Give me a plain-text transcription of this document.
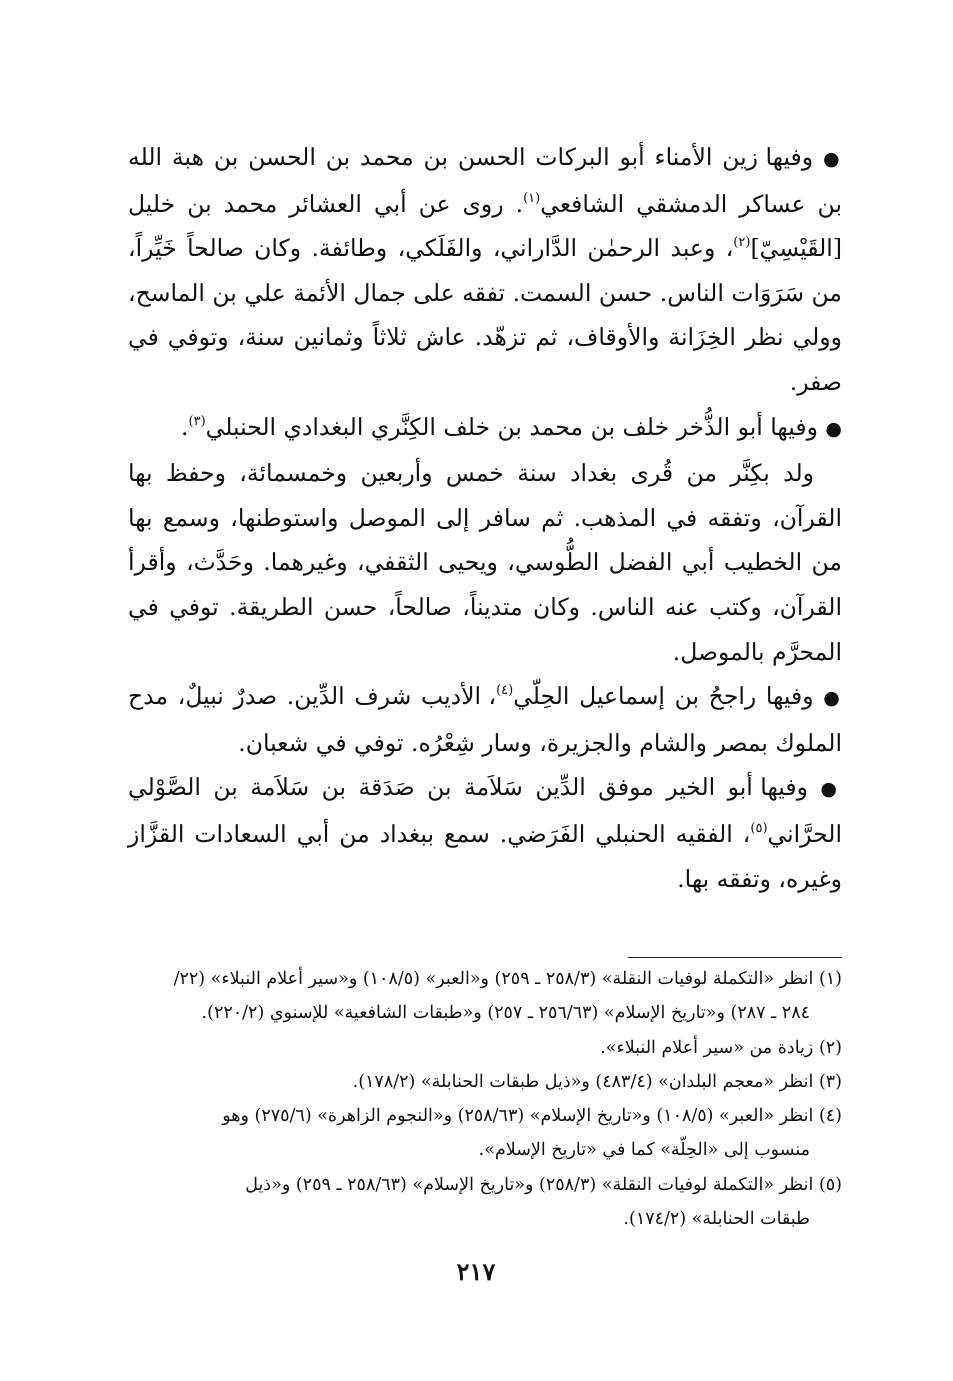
● وفيها زين الأمناء أبو البركات الحسن بن محمد بن الحسن بن هبة الله بن عساكر الدمشقي الشافعي$^{(١)}$. روى عن أبي العشائر محمد بن خليل [القَيْسِيّ]$^{(٢)}$، وعبد الرحمٰن الدَّاراني، والفَلَكي، وطائفة. وكان صالحاً خَيِّراً، من سَرَوَات الناس. حسن السمت. تفقه على جمال الأئمة علي بن الماسح، وولي نظر الخِزَانة والأوقاف، ثم تزهّد. عاش ثلاثاً وثمانين سنة، وتوفي في صفر.

● وفيها أبو الذُّخر خلف بن محمد بن خلف الكِنَّري البغدادي الحنبلي$^{(٣)}$.

ولد بكِنَّر من قُرى بغداد سنة خمس وأربعين وخمسمائة، وحفظ بها القرآن، وتفقه في المذهب. ثم سافر إلى الموصل واستوطنها، وسمع بها من الخطيب أبي الفضل الطُّوسي، ويحيى الثقفي، وغيرهما. وحَدَّث، وأقرأ القرآن، وكتب عنه الناس. وكان متديناً، صالحاً، حسن الطريقة. توفي في المحرَّم بالموصل.

● وفيها راجحُ بن إسماعيل الحِلّي$^{(٤)}$، الأديب شرف الدِّين. صدرٌ نبيلٌ، مدح الملوك بمصر والشام والجزيرة، وسار شِعْرُه. توفي في شعبان.

● وفيها أبو الخير موفق الدِّين سَلاَمة بن صَدَقة بن سَلاَمة بن الصَّوْلي الحرَّاني$^{(٥)}$، الفقيه الحنبلي الفَرَضي. سمع ببغداد من أبي السعادات القزَّاز وغيره، وتفقه بها.

(١) انظر «التكملة لوفيات النقلة» (٢٥٨/٣ ـ ٢٥٩) و«العبر» (١٠٨/٥) و«سير أعلام النبلاء» (٢٢/

٢٨٤ ـ ٢٨٧) و«تاريخ الإسلام» (٢٥٦/٦٣ ـ ٢٥٧) و«طبقات الشافعية» للإسنوي (٢٢٠/٢).

(٢) زيادة من «سير أعلام النبلاء».

(٣) انظر «معجم البلدان» (٤٨٣/٤) و«ذيل طبقات الحنابلة» (١٧٨/٢).

(٤) انظر «العبر» (١٠٨/٥) و«تاريخ الإسلام» (٢٥٨/٦٣) و«النجوم الزاهرة» (٢٧٥/٦) وهو

منسوب إلى «الحِلّة» كما في «تاريخ الإسلام».

(٥) انظر «التكملة لوفيات النقلة» (٢٥٨/٣) و«تاريخ الإسلام» (٢٥٨/٦٣ ـ ٢٥٩) و«ذيل

طبقات الحنابلة» (١٧٤/٢).

٢١٧
